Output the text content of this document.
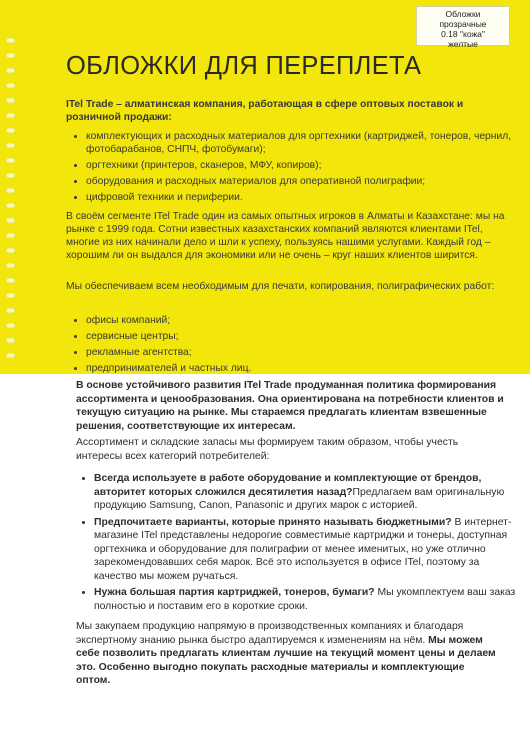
Обложки
прозрачные
0.18 "кожа"
желтые
ОБЛОЖКИ ДЛЯ ПЕРЕПЛЕТА
ITel Trade – алматинская компания, работающая в сфере оптовых поставок и розничной продажи:
• комплектующих и расходных материалов для оргтехники (картриджей, тонеров, чернил, фотобарабанов, СНПЧ, фотобумаги);
• оргтехники (принтеров, сканеров, МФУ, копиров);
• оборудования и расходных материалов для оперативной полиграфии;
• цифровой техники и периферии.
В своём сегменте ITel Trade один из самых опытных игроков в Алматы и Казахстане: мы на рынке с 1999 года. Сотни известных казахстанских компаний являются клиентами ITel, многие из них начинали дело и шли к успеху, пользуясь нашими услугами. Каждый год – хорошим ли он выдался для экономики или не очень – круг наших клиентов ширится.
Мы обеспечиваем всем необходимым для печати, копирования, полиграфических работ:
• офисы компаний;
• сервисные центры;
• рекламные агентства;
• предпринимателей и частных лиц.
В основе устойчивого развития ITel Trade продуманная политика формирования ассортимента и ценообразования. Она ориентирована на потребности клиентов и текущую ситуацию на рынке. Мы стараемся предлагать клиентам взвешенные решения, соответствующие их интересам.
Ассортимент и складские запасы мы формируем таким образом, чтобы учесть интересы всех категорий потребителей:
• Всегда используете в работе оборудование и комплектующие от брендов, авторитет которых сложился десятилетия назад?Предлагаем вам оригинальную продукцию Samsung, Canon, Panasonic и других марок с историей.
• Предпочитаете варианты, которые принято называть бюджетными? В интернет-магазине ITel представлены недорогие совместимые картриджи и тонеры, доступная оргтехника и оборудование для полиграфии от менее именитых, но уже отлично зарекомендовавших себя марок. Всё это используется в офисе ITel, поэтому за качество мы можем ручаться.
• Нужна большая партия картриджей, тонеров, бумаги? Мы укомплектуем ваш заказ полностью и поставим его в короткие сроки.
Мы закупаем продукцию напрямую в производственных компаниях и благодаря экспертному знанию рынка быстро адаптируемся к изменениям на нём. Мы можем себе позволить предлагать клиентам лучшие на текущий момент цены и делаем это. Особенно выгодно покупать расходные материалы и комплектующие оптом.
